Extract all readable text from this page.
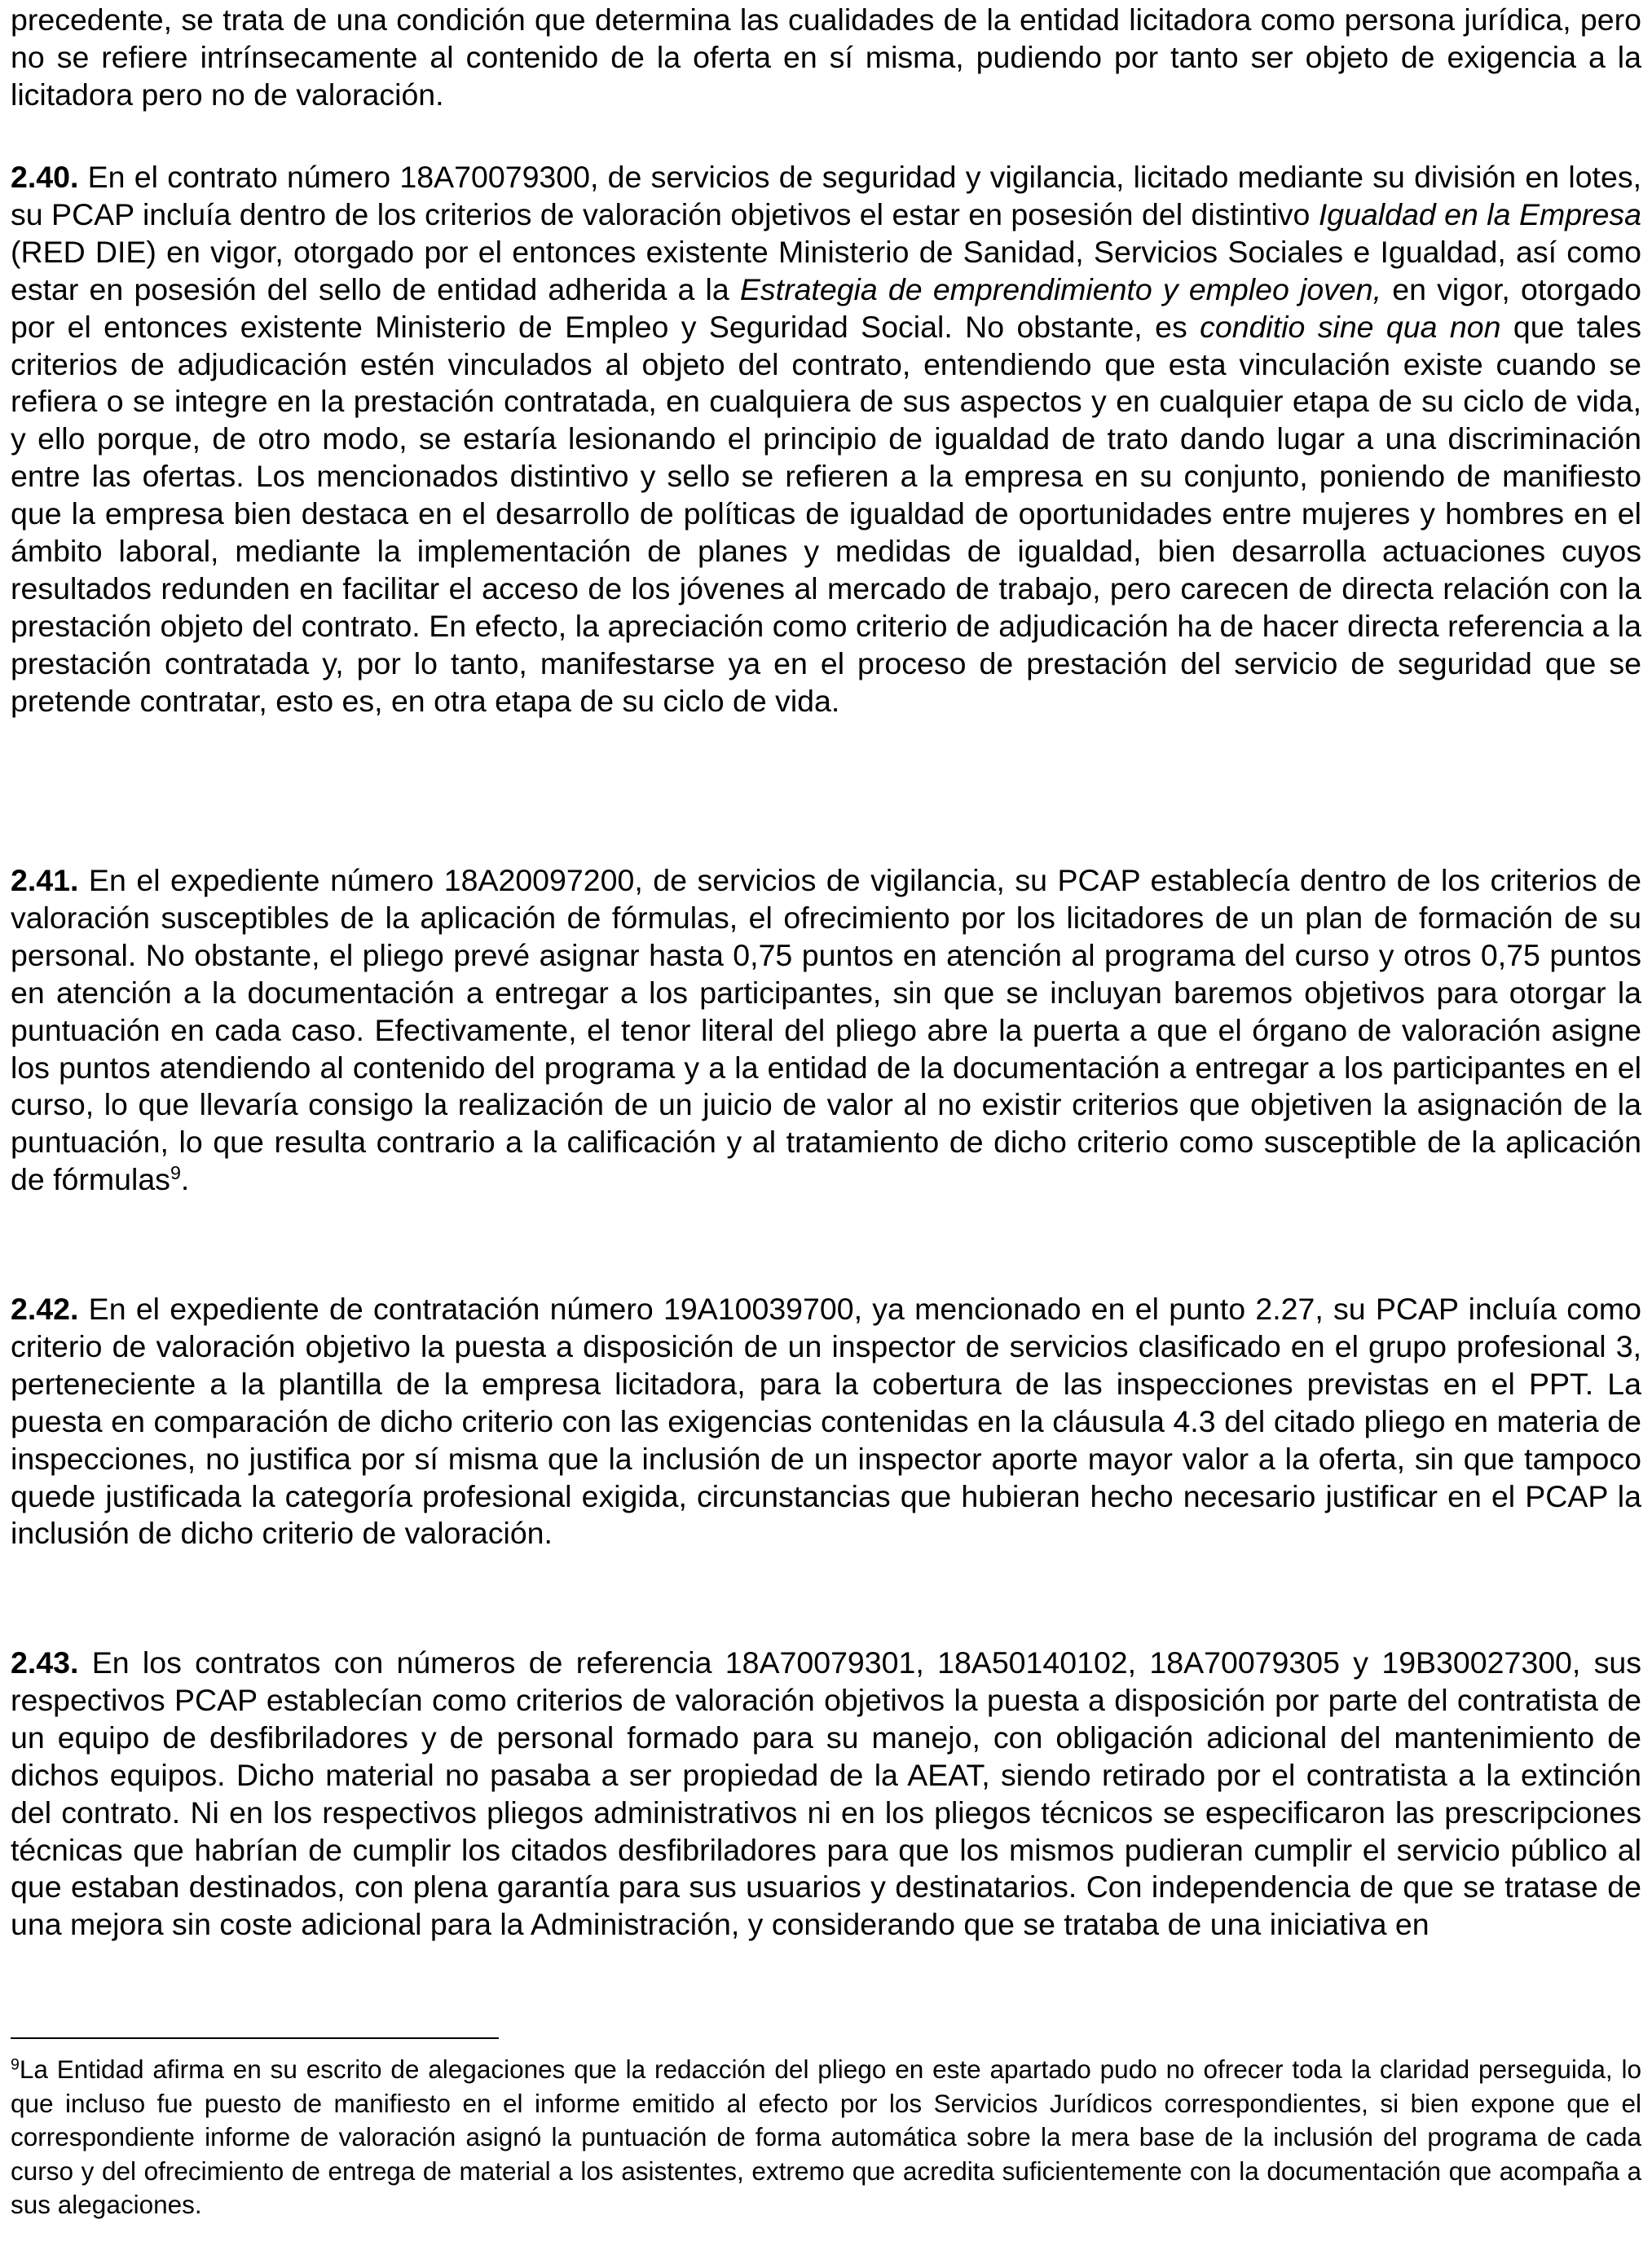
precedente, se trata de una condición que determina las cualidades de la entidad licitadora como persona jurídica, pero no se refiere intrínsecamente al contenido de la oferta en sí misma, pudiendo por tanto ser objeto de exigencia a la licitadora pero no de valoración.

2.40. En el contrato número 18A70079300, de servicios de seguridad y vigilancia, licitado mediante su división en lotes, su PCAP incluía dentro de los criterios de valoración objetivos el estar en posesión del distintivo Igualdad en la Empresa (RED DIE) en vigor, otorgado por el entonces existente Ministerio de Sanidad, Servicios Sociales e Igualdad, así como estar en posesión del sello de entidad adherida a la Estrategia de emprendimiento y empleo joven, en vigor, otorgado por el entonces existente Ministerio de Empleo y Seguridad Social. No obstante, es conditio sine qua non que tales criterios de adjudicación estén vinculados al objeto del contrato, entendiendo que esta vinculación existe cuando se refiera o se integre en la prestación contratada, en cualquiera de sus aspectos y en cualquier etapa de su ciclo de vida, y ello porque, de otro modo, se estaría lesionando el principio de igualdad de trato dando lugar a una discriminación entre las ofertas. Los mencionados distintivo y sello se refieren a la empresa en su conjunto, poniendo de manifiesto que la empresa bien destaca en el desarrollo de políticas de igualdad de oportunidades entre mujeres y hombres en el ámbito laboral, mediante la implementación de planes y medidas de igualdad, bien desarrolla actuaciones cuyos resultados redunden en facilitar el acceso de los jóvenes al mercado de trabajo, pero carecen de directa relación con la prestación objeto del contrato. En efecto, la apreciación como criterio de adjudicación ha de hacer directa referencia a la prestación contratada y, por lo tanto, manifestarse ya en el proceso de prestación del servicio de seguridad que se pretende contratar, esto es, en otra etapa de su ciclo de vida.

2.41. En el expediente número 18A20097200, de servicios de vigilancia, su PCAP establecía dentro de los criterios de valoración susceptibles de la aplicación de fórmulas, el ofrecimiento por los licitadores de un plan de formación de su personal. No obstante, el pliego prevé asignar hasta 0,75 puntos en atención al programa del curso y otros 0,75 puntos en atención a la documentación a entregar a los participantes, sin que se incluyan baremos objetivos para otorgar la puntuación en cada caso. Efectivamente, el tenor literal del pliego abre la puerta a que el órgano de valoración asigne los puntos atendiendo al contenido del programa y a la entidad de la documentación a entregar a los participantes en el curso, lo que llevaría consigo la realización de un juicio de valor al no existir criterios que objetiven la asignación de la puntuación, lo que resulta contrario a la calificación y al tratamiento de dicho criterio como susceptible de la aplicación de fórmulas$^9$.

2.42. En el expediente de contratación número 19A10039700, ya mencionado en el punto 2.27, su PCAP incluía como criterio de valoración objetivo la puesta a disposición de un inspector de servicios clasificado en el grupo profesional 3, perteneciente a la plantilla de la empresa licitadora, para la cobertura de las inspecciones previstas en el PPT. La puesta en comparación de dicho criterio con las exigencias contenidas en la cláusula 4.3 del citado pliego en materia de inspecciones, no justifica por sí misma que la inclusión de un inspector aporte mayor valor a la oferta, sin que tampoco quede justificada la categoría profesional exigida, circunstancias que hubieran hecho necesario justificar en el PCAP la inclusión de dicho criterio de valoración.

2.43. En los contratos con números de referencia 18A70079301, 18A50140102, 18A70079305 y 19B30027300, sus respectivos PCAP establecían como criterios de valoración objetivos la puesta a disposición por parte del contratista de un equipo de desfibriladores y de personal formado para su manejo, con obligación adicional del mantenimiento de dichos equipos. Dicho material no pasaba a ser propiedad de la AEAT, siendo retirado por el contratista a la extinción del contrato. Ni en los respectivos pliegos administrativos ni en los pliegos técnicos se especificaron las prescripciones técnicas que habrían de cumplir los citados desfibriladores para que los mismos pudieran cumplir el servicio público al que estaban destinados, con plena garantía para sus usuarios y destinatarios. Con independencia de que se tratase de una mejora sin coste adicional para la Administración, y considerando que se trataba de una iniciativa en

$^9$La Entidad afirma en su escrito de alegaciones que la redacción del pliego en este apartado pudo no ofrecer toda la claridad perseguida, lo que incluso fue puesto de manifiesto en el informe emitido al efecto por los Servicios Jurídicos correspondientes, si bien expone que el correspondiente informe de valoración asignó la puntuación de forma automática sobre la mera base de la inclusión del programa de cada curso y del ofrecimiento de entrega de material a los asistentes, extremo que acredita suficientemente con la documentación que acompaña a sus alegaciones.
